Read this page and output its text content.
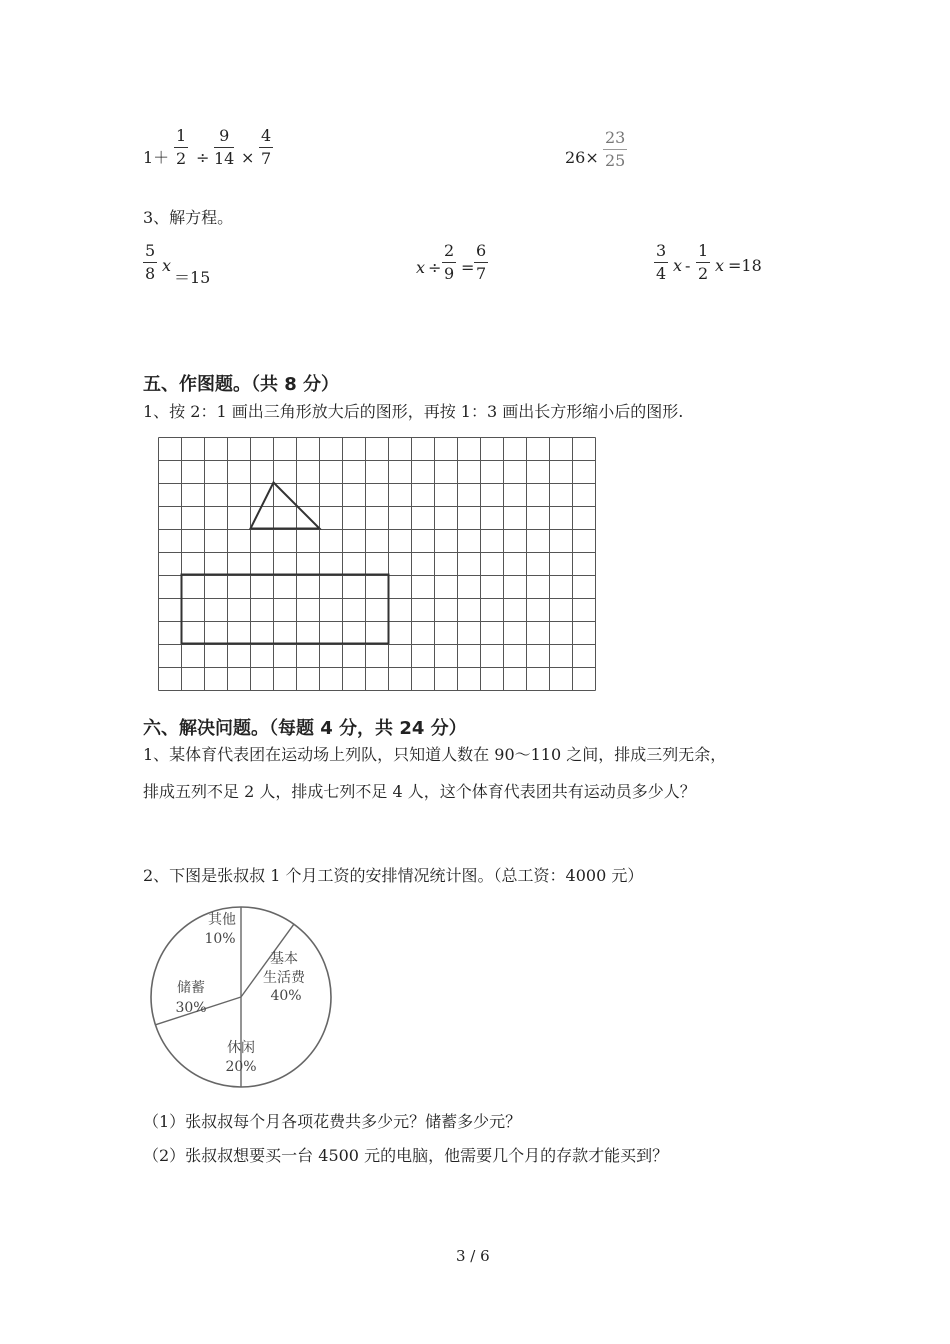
1＋
1
2 ÷
9
14 ×
4
7	26×
23
25
3、解方程。
5
8 x
＝15
x ÷
2
9 =
6
7
3
4 x -
1
2 x =18
五、作图题。（共 8 分）
1、按 2：1 画出三角形放大后的图形，再按 1：3 画出长方形缩小后的图形.
六、解决问题。（每题 4 分，共 24 分）
1、某体育代表团在运动场上列队，只知道人数在 90～110 之间，排成三列无余，
排成五列不足 2 人，排成七列不足 4 人，这个体育代表团共有运动员多少人？
2、下图是张叔叔 1 个月工资的安排情况统计图。（总工资：4000 元）
其他
10%
基本
生活费
40%
储蓄
30%
休闲
20%
（1）张叔叔每个月各项花费共多少元？储蓄多少元？
（2）张叔叔想要买一台 4500 元的电脑，他需要几个月的存款才能买到？
3 / 6
